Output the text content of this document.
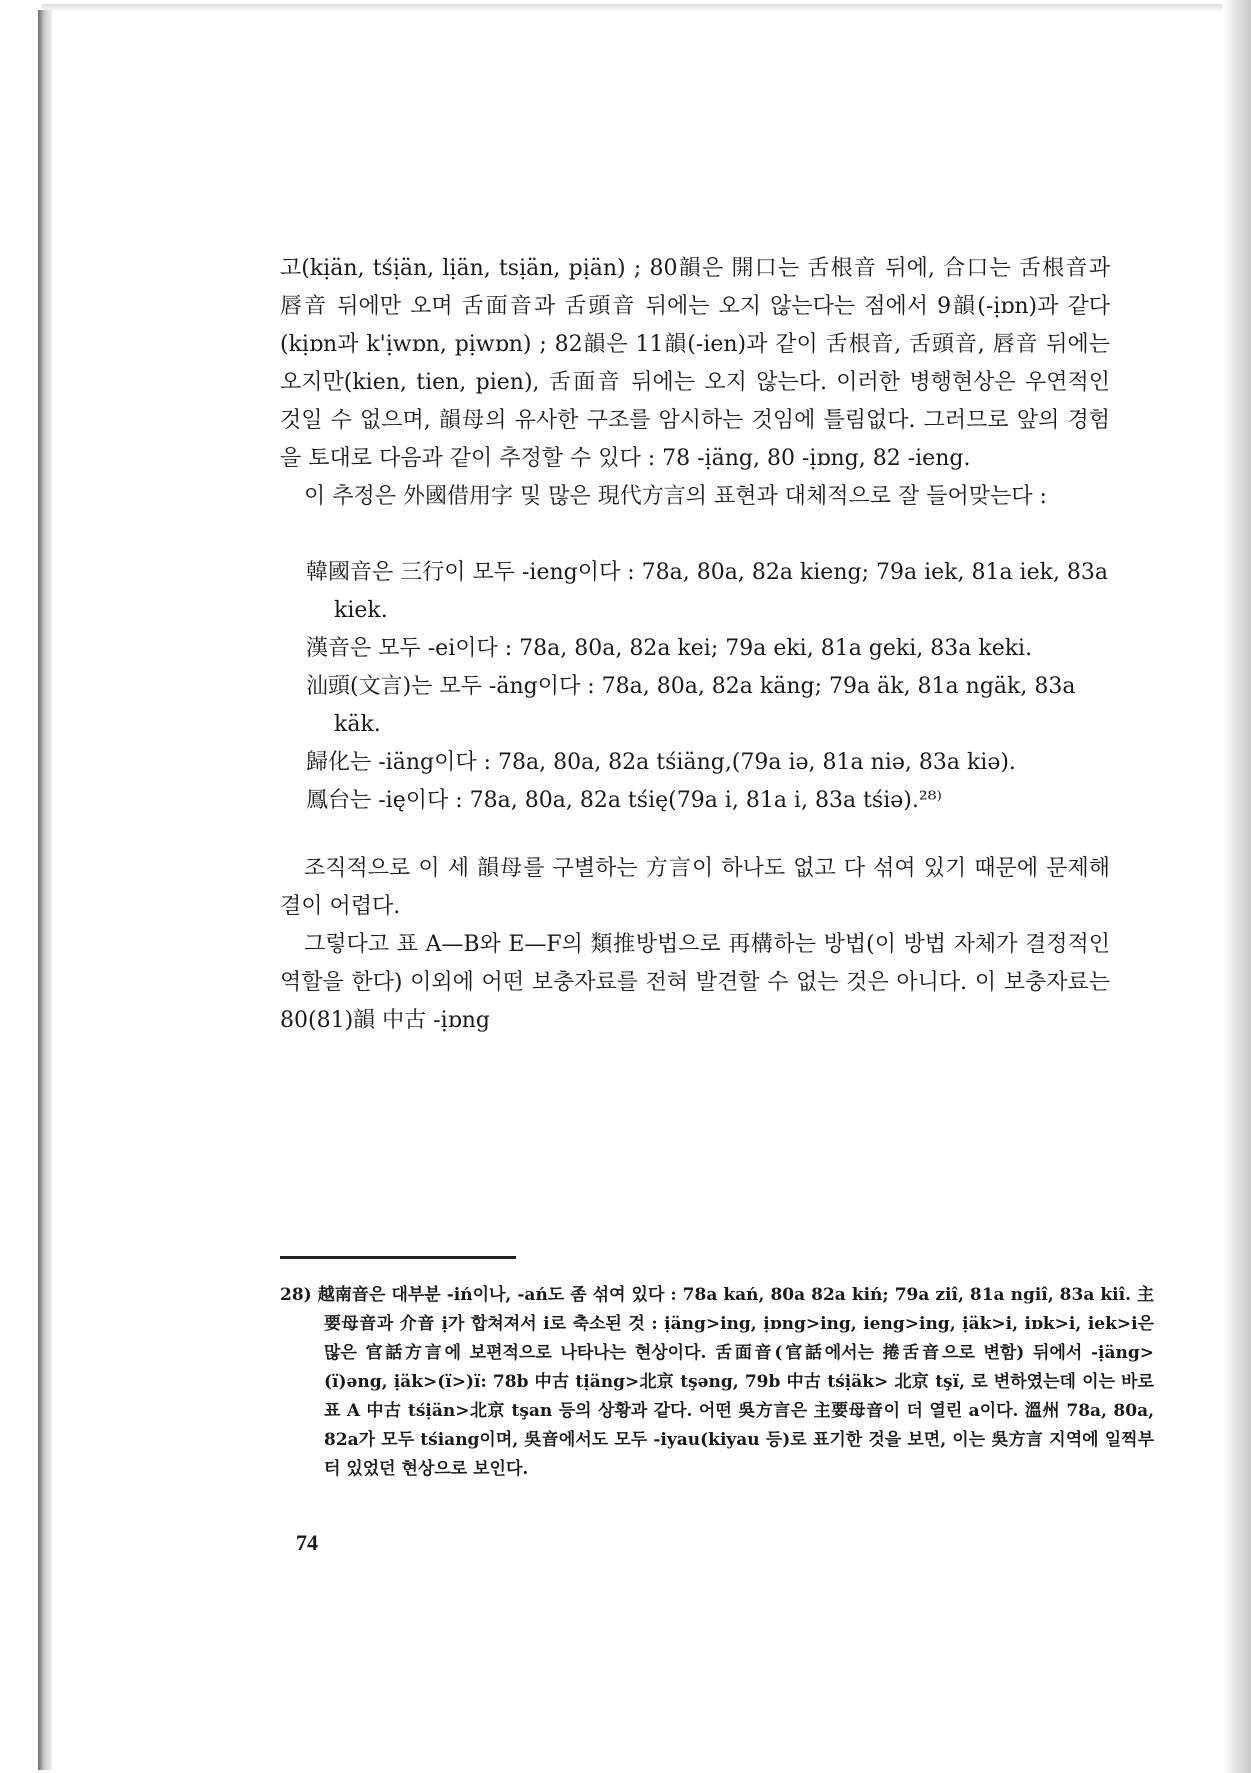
고(kịän, tśịän, lịän, tsịän, pịän) ; 80韻은 開口는 舌根音 뒤에, 合口는 舌根音과 唇音 뒤에만 오며 舌面音과 舌頭音 뒤에는 오지 않는다는 점에서 9韻(-ịɒn)과 같다(kịɒn과 k'ịwɒn, pịwɒn) ; 82韻은 11韻(-ien)과 같이 舌根音, 舌頭音, 唇音 뒤에는 오지만(kien, tien, pien), 舌面音 뒤에는 오지 않는다. 이러한 병행현상은 우연적인 것일 수 없으며, 韻母의 유사한 구조를 암시하는 것임에 틀림없다. 그러므로 앞의 경험을 토대로 다음과 같이 추정할 수 있다 : 78 -ịäng, 80 -ịɒng, 82 -ieng.

이 추정은 外國借用字 및 많은 現代方言의 표현과 대체적으로 잘 들어맞는다 :

韓國音은 三行이 모두 -ieng이다 : 78a, 80a, 82a kieng; 79a iek, 81a iek, 83a kiek.

漢音은 모두 -ei이다 : 78a, 80a, 82a kei; 79a eki, 81a geki, 83a keki.

汕頭(文言)는 모두 -äng이다 : 78a, 80a, 82a käng; 79a äk, 81a ngäk, 83a käk.

歸化는 -iäng이다 : 78a, 80a, 82a tśiäng,(79a iə, 81a niə, 83a kiə).

鳳台는 -ię이다 : 78a, 80a, 82a tśię(79a i, 81a i, 83a tśiə).²⁸⁾

조직적으로 이 세 韻母를 구별하는 方言이 하나도 없고 다 섞여 있기 때문에 문제해결이 어렵다.

그렇다고 표 A—B와 E—F의 類推방법으로 再構하는 방법(이 방법 자체가 결정적인 역할을 한다) 이외에 어떤 보충자료를 전혀 발견할 수 없는 것은 아니다. 이 보충자료는 80(81)韻 中古 -ịɒng

28) 越南音은 대부분 -iń이나, -ań도 좀 섞여 있다 : 78a kań, 80a 82a kiń; 79a ziî, 81a ngiî, 83a kiî. 主要母音과 介音 ị가 합쳐져서 i로 축소된 것 : ịäng>ing, ịɒng>ing, ieng>ing, ịäk>i, iɒk>i, iek>i은 많은 官話方言에 보편적으로 나타나는 현상이다. 舌面音(官話에서는 捲舌音으로 변함) 뒤에서 -ịäng>(ï)əng, ịäk>(ï>)ï: 78b 中古 tịäng>北京 tşəng, 79b 中古 tśịäk> 北京 tşï, 로 변하였는데 이는 바로 표 A 中古 tśịän>北京 tşan 등의 상황과 같다. 어떤 吳方言은 主要母音이 더 열린 a이다. 溫州 78a, 80a, 82a가 모두 tśiang이며, 吳音에서도 모두 -iyau(kiyau 등)로 표기한 것을 보면, 이는 吳方言 지역에 일찍부터 있었던 현상으로 보인다.

74
